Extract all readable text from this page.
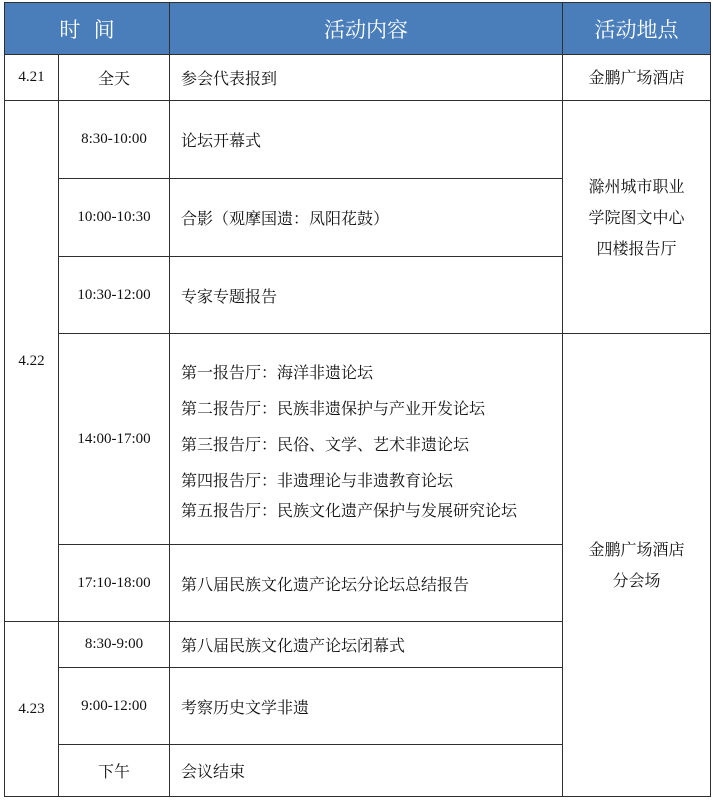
时  间		活动内容	活动地点
4.21	全天	参会代表报到	金鹏广场酒店
4.22	8:30-10:00	论坛开幕式	滁州城市职业
学院图文中心
四楼报告厅

	10:00-10:30	合影（观摩国遗：凤阳花鼓）	
	10:30-12:00	专家专题报告	
	14:00-17:00	第一报告厅：海洋非遗论坛
第二报告厅：民族非遗保护与产业开发论坛
第三报告厅：民俗、文学、艺术非遗论坛
第四报告厅：非遗理论与非遗教育论坛
第五报告厅：民族文化遗产保护与发展研究论坛	金鹏广场酒店
分会场

	17:10-18:00	第八届民族文化遗产论坛分论坛总结报告	
4.23	8:30-9:00	第八届民族文化遗产论坛闭幕式	
	9:00-12:00	考察历史文学非遗	
	下午	会议结束	
